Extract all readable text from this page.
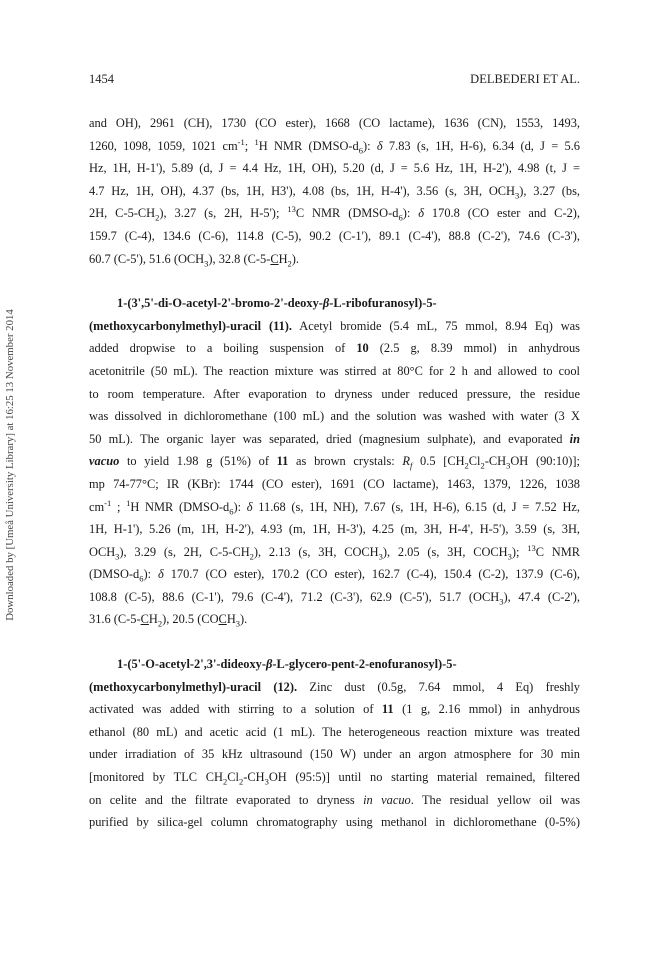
Downloaded by [Umeå University Library] at 16:25 13 November 2014
1454	DELBEDERI ET AL.
and OH), 2961 (CH), 1730 (CO ester), 1668 (CO lactame), 1636 (CN), 1553, 1493,
1260, 1098, 1059, 1021 $cm^{-1}$; $^1$H NMR $(DMSO-d_6)$: δ 7.83 (s, 1H, H-6), 6.34 (d, J = 5.6
Hz, 1H, H-1'), 5.89 (d, J = 4.4 Hz, 1H, OH), 5.20 (d, J = 5.6 Hz, 1H, H-2'), 4.98 (t, J =
4.7 Hz, 1H, OH), 4.37 (bs, 1H, H3'), 4.08 (bs, 1H, H-4'), 3.56 (s, 3H, $OCH_3$), 3.27 (bs,
2H, $C-5-CH_2$), 3.27 (s, 2H, H-5'); $^{13}$C NMR $(DMSO-d_6)$: δ 170.8 (CO ester and C-2),
159.7 (C-4), 134.6 (C-6), 114.8 (C-5), 90.2 (C-1'), 89.1 (C-4'), 88.8 (C-2'), 74.6 (C-3'),
60.7 (C-5'), 51.6 $(OCH_3)$, 32.8 $(C-5-CH_2)$.
1-(3',5'-di-O-acetyl-2'-bromo-2'-deoxy-β-L-ribofuranosyl)-5-
(methoxycarbonylmethyl)-uracil (11). Acetyl bromide (5.4 mL, 75 mmol, 8.94 Eq) was
added dropwise to a boiling suspension of 10 (2.5 g, 8.39 mmol) in anhydrous
acetonitrile (50 mL). The reaction mixture was stirred at 80°C for 2 h and allowed to cool
to room temperature. After evaporation to dryness under reduced pressure, the residue
was dissolved in dichloromethane (100 mL) and the solution was washed with water (3 X
50 mL). The organic layer was separated, dried (magnesium sulphate), and evaporated in
vacuo to yield 1.98 g (51%) of 11 as brown crystals: $R_f$ 0.5 [$CH_2Cl_2-CH_3OH$ (90:10)];
mp 74-77°C; IR (KBr): 1744 (CO ester), 1691 (CO lactame), 1463, 1379, 1226, 1038
$cm^{-1}$ ; $^1$H NMR $(DMSO-d_6)$: δ 11.68 (s, 1H, NH), 7.67 (s, 1H, H-6), 6.15 (d, J = 7.52 Hz,
1H, H-1'), 5.26 (m, 1H, H-2'), 4.93 (m, 1H, H-3'), 4.25 (m, 3H, H-4', H-5'), 3.59 (s, 3H,
$OCH_3$), 3.29 (s, 2H, $C-5-CH_2$), 2.13 (s, 3H, $COCH_3$), 2.05 (s, 3H, $COCH_3$); $^{13}$C NMR
$(DMSO-d_6)$: δ 170.7 (CO ester), 170.2 (CO ester), 162.7 (C-4), 150.4 (C-2), 137.9 (C-6),
108.8 (C-5), 88.6 (C-1'), 79.6 (C-4'), 71.2 (C-3'), 62.9 (C-5'), 51.7 $(OCH_3)$, 47.4 (C-2'),
31.6 $(C-5-CH_2)$, 20.5 $(COCH_3)$.
1-(5'-O-acetyl-2',3'-dideoxy-β-L-glycero-pent-2-enofuranosyl)-5-
(methoxycarbonylmethyl)-uracil (12). Zinc dust (0.5g, 7.64 mmol, 4 Eq) freshly
activated was added with stirring to a solution of 11 (1 g, 2.16 mmol) in anhydrous
ethanol (80 mL) and acetic acid (1 mL). The heterogeneous reaction mixture was treated
under irradiation of 35 kHz ultrasound (150 W) under an argon atmosphere for 30 min
[monitored by TLC $CH_2Cl_2-CH_3OH$ (95:5)] until no starting material remained, filtered
on celite and the filtrate evaporated to dryness in vacuo. The residual yellow oil was
purified by silica-gel column chromatography using methanol in dichloromethane (0-5%)
